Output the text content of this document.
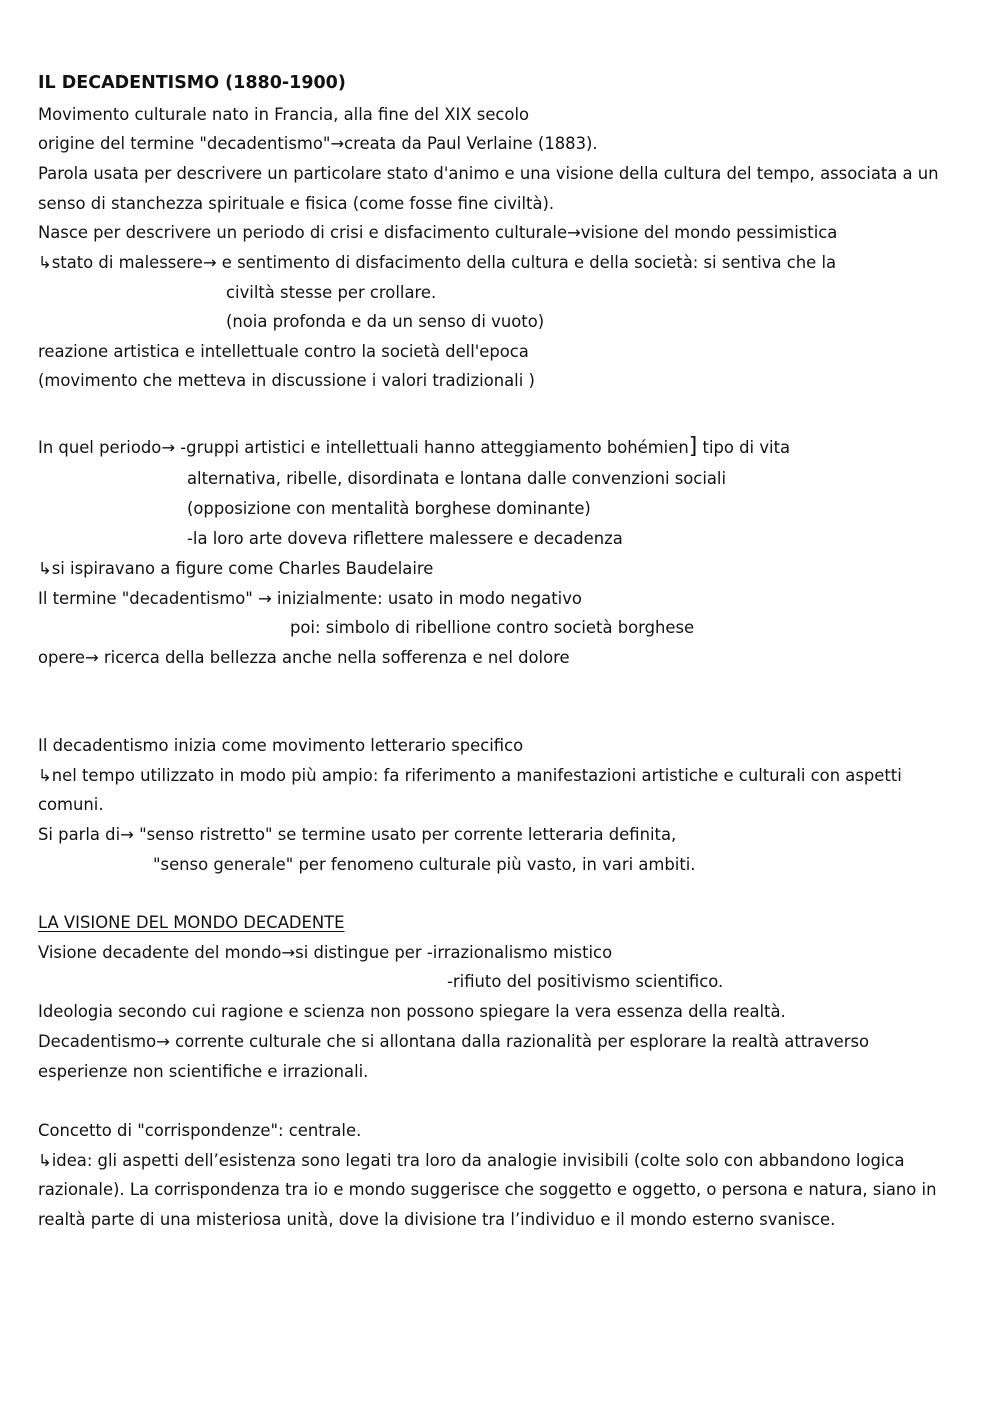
IL DECADENTISMO (1880-1900)
Movimento culturale nato in Francia, alla fine del XIX secolo
origine del termine "decadentismo"→creata da Paul Verlaine (1883).
Parola usata per descrivere un particolare stato d'animo e una visione della cultura del tempo, associata a un
senso di stanchezza spirituale e fisica (come fosse fine civiltà).
Nasce per descrivere un periodo di crisi e disfacimento culturale→visione del mondo pessimistica
↳stato di malessere→ e sentimento di disfacimento della cultura e della società: si sentiva che la
civiltà stesse per crollare.
(noia profonda e da un senso di vuoto)
reazione artistica e intellettuale contro la società dell'epoca
(movimento che metteva in discussione i valori tradizionali )
In quel periodo→ -gruppi artistici e intellettuali hanno atteggiamento bohémien] tipo di vita
alternativa, ribelle, disordinata e lontana dalle convenzioni sociali
(opposizione con mentalità borghese dominante)
-la loro arte doveva riflettere malessere e decadenza
↳si ispiravano a figure come Charles Baudelaire
Il termine "decadentismo" → inizialmente: usato in modo negativo
poi: simbolo di ribellione contro società borghese
opere→ ricerca della bellezza anche nella sofferenza e nel dolore
Il decadentismo inizia come movimento letterario specifico
↳nel tempo utilizzato in modo più ampio: fa riferimento a manifestazioni artistiche e culturali con aspetti
comuni.
Si parla di→ "senso ristretto" se termine usato per corrente letteraria definita,
"senso generale" per fenomeno culturale più vasto, in vari ambiti.
LA VISIONE DEL MONDO DECADENTE
Visione decadente del mondo→si distingue per -irrazionalismo mistico
-rifiuto del positivismo scientifico.
Ideologia secondo cui ragione e scienza non possono spiegare la vera essenza della realtà.
Decadentismo→ corrente culturale che si allontana dalla razionalità per esplorare la realtà attraverso
esperienze non scientifiche e irrazionali.
Concetto di "corrispondenze": centrale.
↳idea: gli aspetti dell’esistenza sono legati tra loro da analogie invisibili (colte solo con abbandono logica
razionale). La corrispondenza tra io e mondo suggerisce che soggetto e oggetto, o persona e natura, siano in
realtà parte di una misteriosa unità, dove la divisione tra l’individuo e il mondo esterno svanisce.
